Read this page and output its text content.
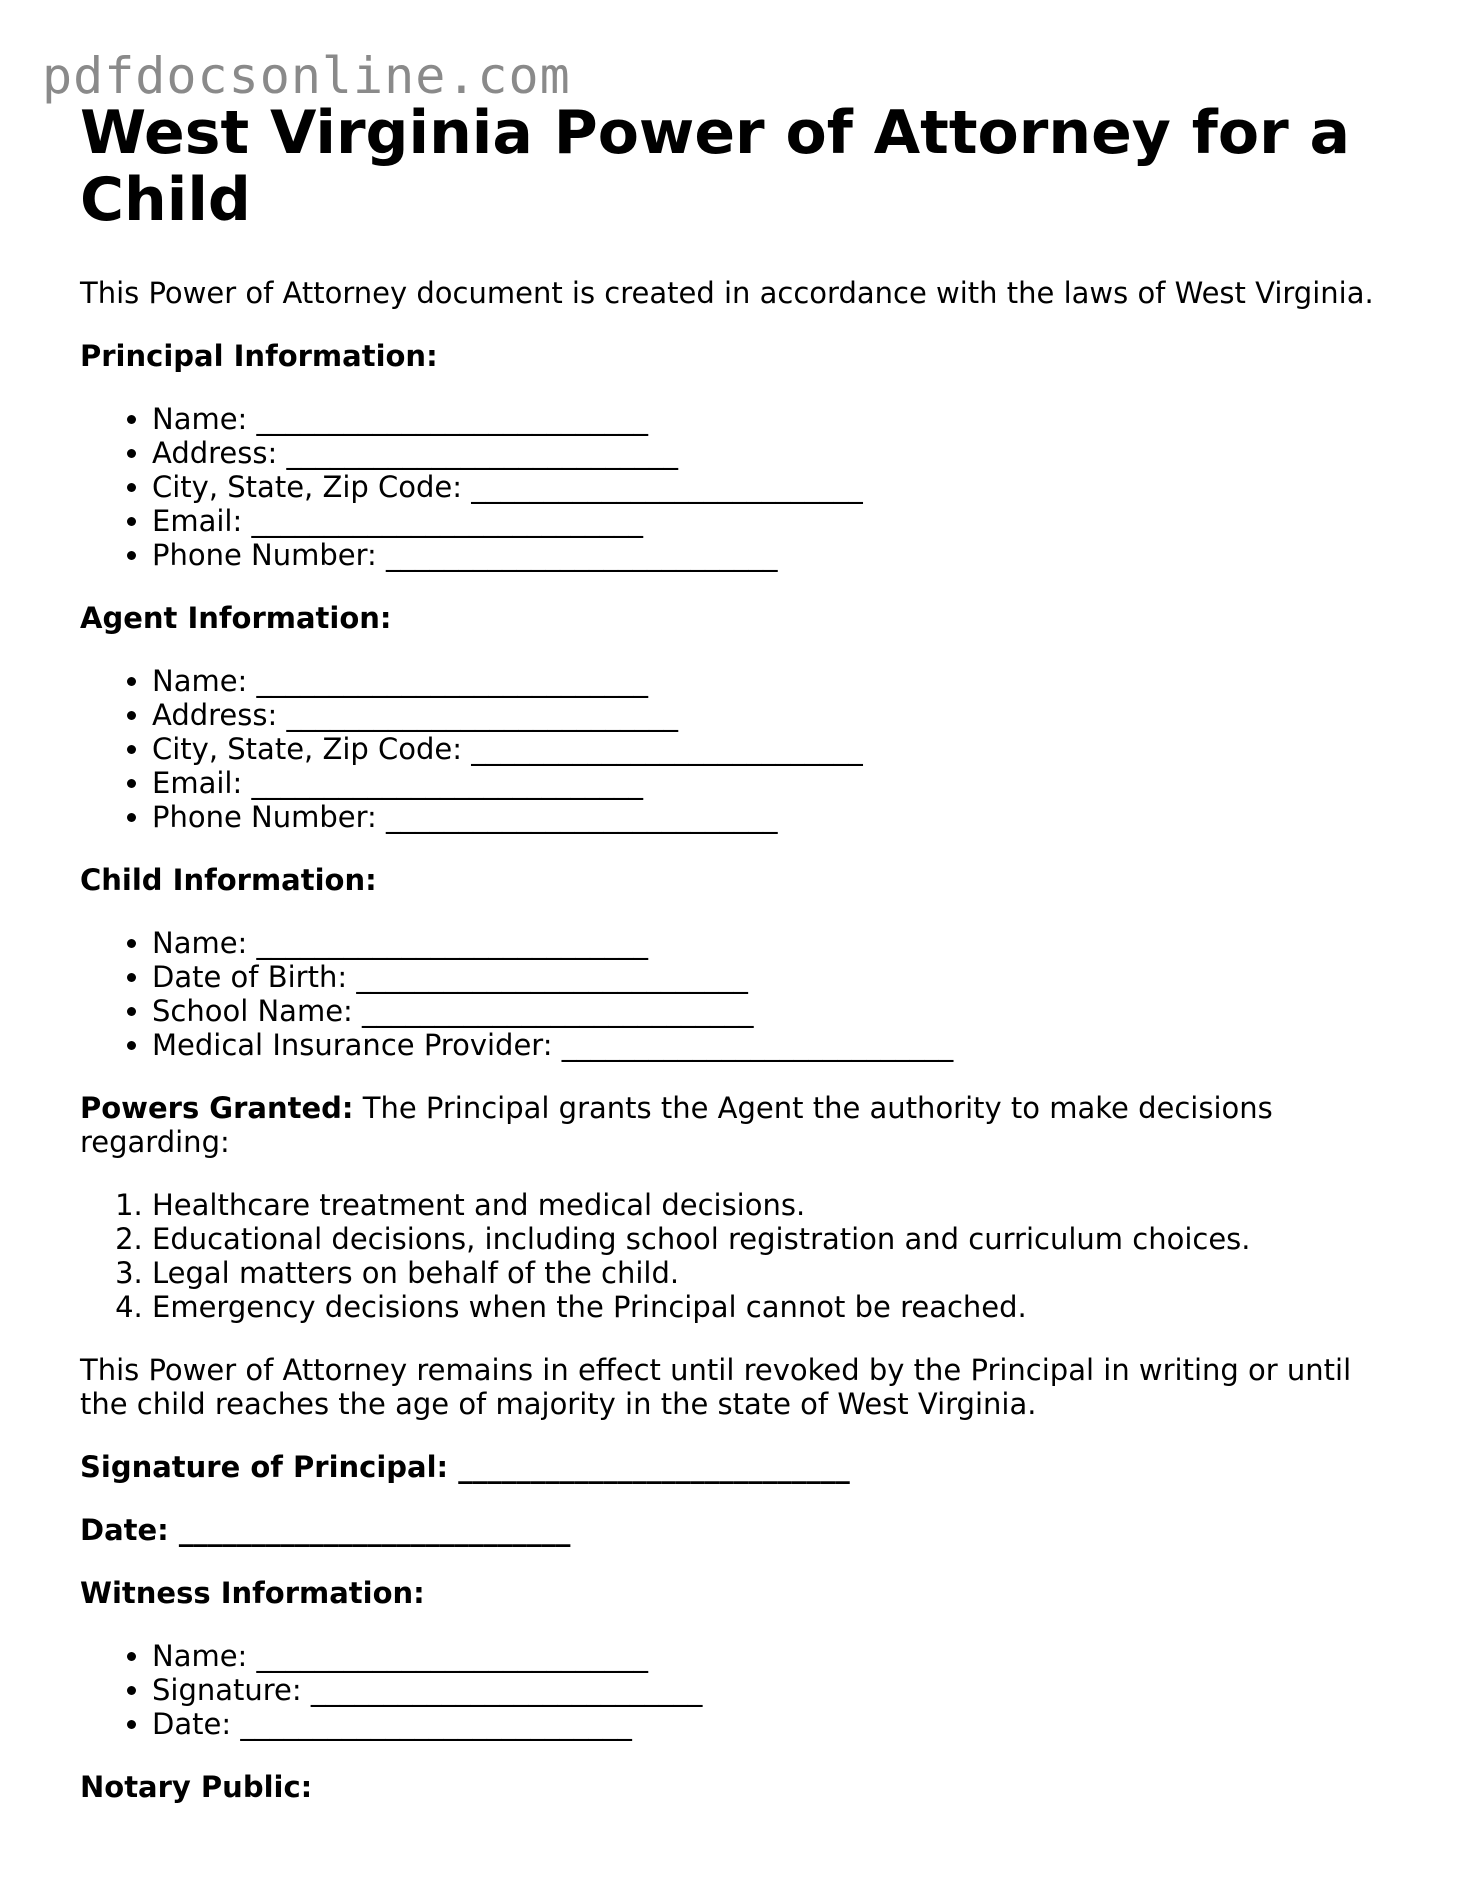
pdfdocsonline.com
West Virginia Power of Attorney for a Child

This Power of Attorney document is created in accordance with the laws of West Virginia.

Principal Information:

• Name: ___________________________
• Address: ___________________________
• City, State, Zip Code: ___________________________
• Email: ___________________________
• Phone Number: ___________________________

Agent Information:

• Name: ___________________________
• Address: ___________________________
• City, State, Zip Code: ___________________________
• Email: ___________________________
• Phone Number: ___________________________

Child Information:

• Name: ___________________________
• Date of Birth: ___________________________
• School Name: ___________________________
• Medical Insurance Provider: ___________________________

Powers Granted: The Principal grants the Agent the authority to make decisions regarding:

1. Healthcare treatment and medical decisions.
2. Educational decisions, including school registration and curriculum choices.
3. Legal matters on behalf of the child.
4. Emergency decisions when the Principal cannot be reached.

This Power of Attorney remains in effect until revoked by the Principal in writing or until the child reaches the age of majority in the state of West Virginia.

Signature of Principal: ___________________________

Date: ___________________________

Witness Information:

• Name: ___________________________
• Signature: ___________________________
• Date: ___________________________

Notary Public:
